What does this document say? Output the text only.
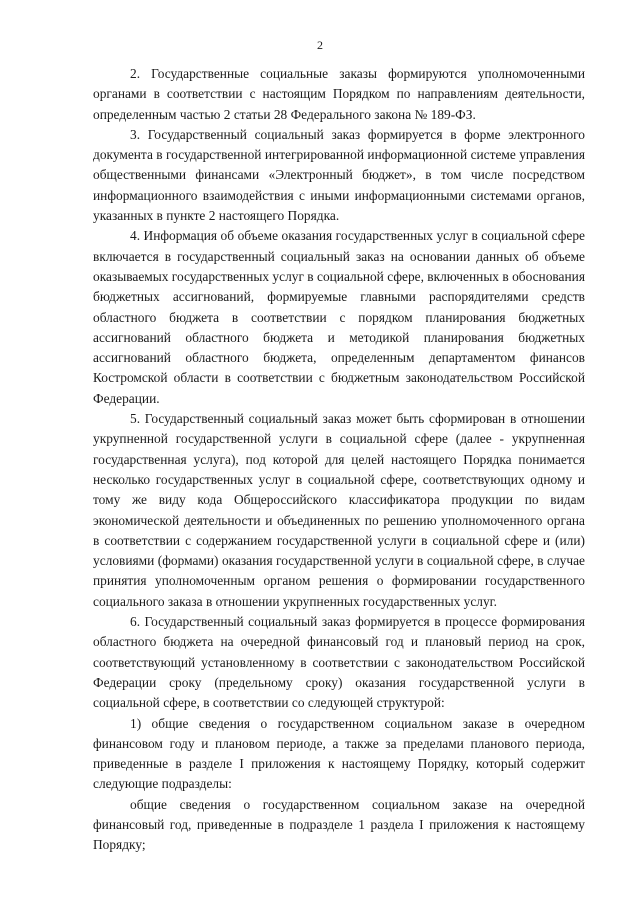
2

2. Государственные социальные заказы формируются уполномоченными органами в соответствии с настоящим Порядком по направлениям деятельности, определенным частью 2 статьи 28 Федерального закона № 189-ФЗ.

3. Государственный социальный заказ формируется в форме электронного документа в государственной интегрированной информационной системе управления общественными финансами «Электронный бюджет», в том числе посредством информационного взаимодействия с иными информационными системами органов, указанных в пункте 2 настоящего Порядка.

4. Информация об объеме оказания государственных услуг в социальной сфере включается в государственный социальный заказ на основании данных об объеме оказываемых государственных услуг в социальной сфере, включенных в обоснования бюджетных ассигнований, формируемые главными распорядителями средств областного бюджета в соответствии с порядком планирования бюджетных ассигнований областного бюджета и методикой планирования бюджетных ассигнований областного бюджета, определенным департаментом финансов Костромской области в соответствии с бюджетным законодательством Российской Федерации.

5. Государственный социальный заказ может быть сформирован в отношении укрупненной государственной услуги в социальной сфере (далее - укрупненная государственная услуга), под которой для целей настоящего Порядка понимается несколько государственных услуг в социальной сфере, соответствующих одному и тому же виду кода Общероссийского классификатора продукции по видам экономической деятельности и объединенных по решению уполномоченного органа в соответствии с содержанием государственной услуги в социальной сфере и (или) условиями (формами) оказания государственной услуги в социальной сфере, в случае принятия уполномоченным органом решения о формировании государственного социального заказа в отношении укрупненных государственных услуг.

6. Государственный социальный заказ формируется в процессе формирования областного бюджета на очередной финансовый год и плановый период на срок, соответствующий установленному в соответствии с законодательством Российской Федерации сроку (предельному сроку) оказания государственной услуги в социальной сфере, в соответствии со следующей структурой:

1) общие сведения о государственном социальном заказе в очередном финансовом году и плановом периоде, а также за пределами планового периода, приведенные в разделе I приложения к настоящему Порядку, который содержит следующие подразделы:

общие сведения о государственном социальном заказе на очередной финансовый год, приведенные в подразделе 1 раздела I приложения к настоящему Порядку;
